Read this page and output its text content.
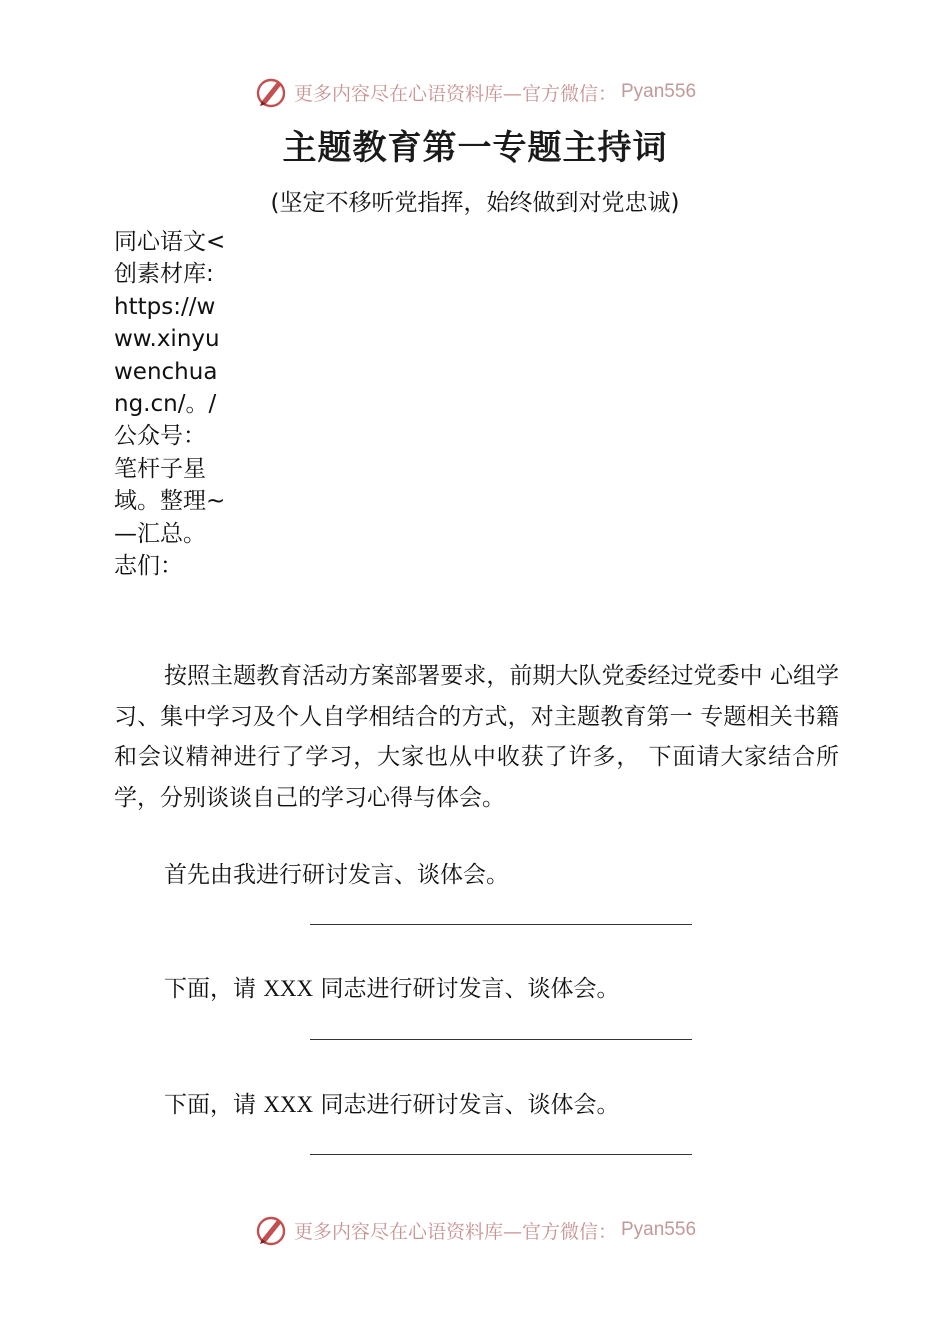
更多内容尽在心语资料库—官方微信： Pyan556
主题教育第一专题主持词
(坚定不移听党指挥，始终做到对党忠诚)
同心语文<创素材库:https://www.xinyuwenchuang.cn/。/公众号：笔杆子星域。整理~—汇总。志们：
按照主题教育活动方案部署要求，前期大队党委经过党委中 心组学习、集中学习及个人自学相结合的方式，对主题教育第一 专题相关书籍和会议精神进行了学习，大家也从中收获了许多， 下面请大家结合所学，分别谈谈自己的学习心得与体会。
首先由我进行研讨发言、谈体会。
下面，请 XXX 同志进行研讨发言、谈体会。
下面，请 XXX 同志进行研讨发言、谈体会。
更多内容尽在心语资料库—官方微信： Pyan556
